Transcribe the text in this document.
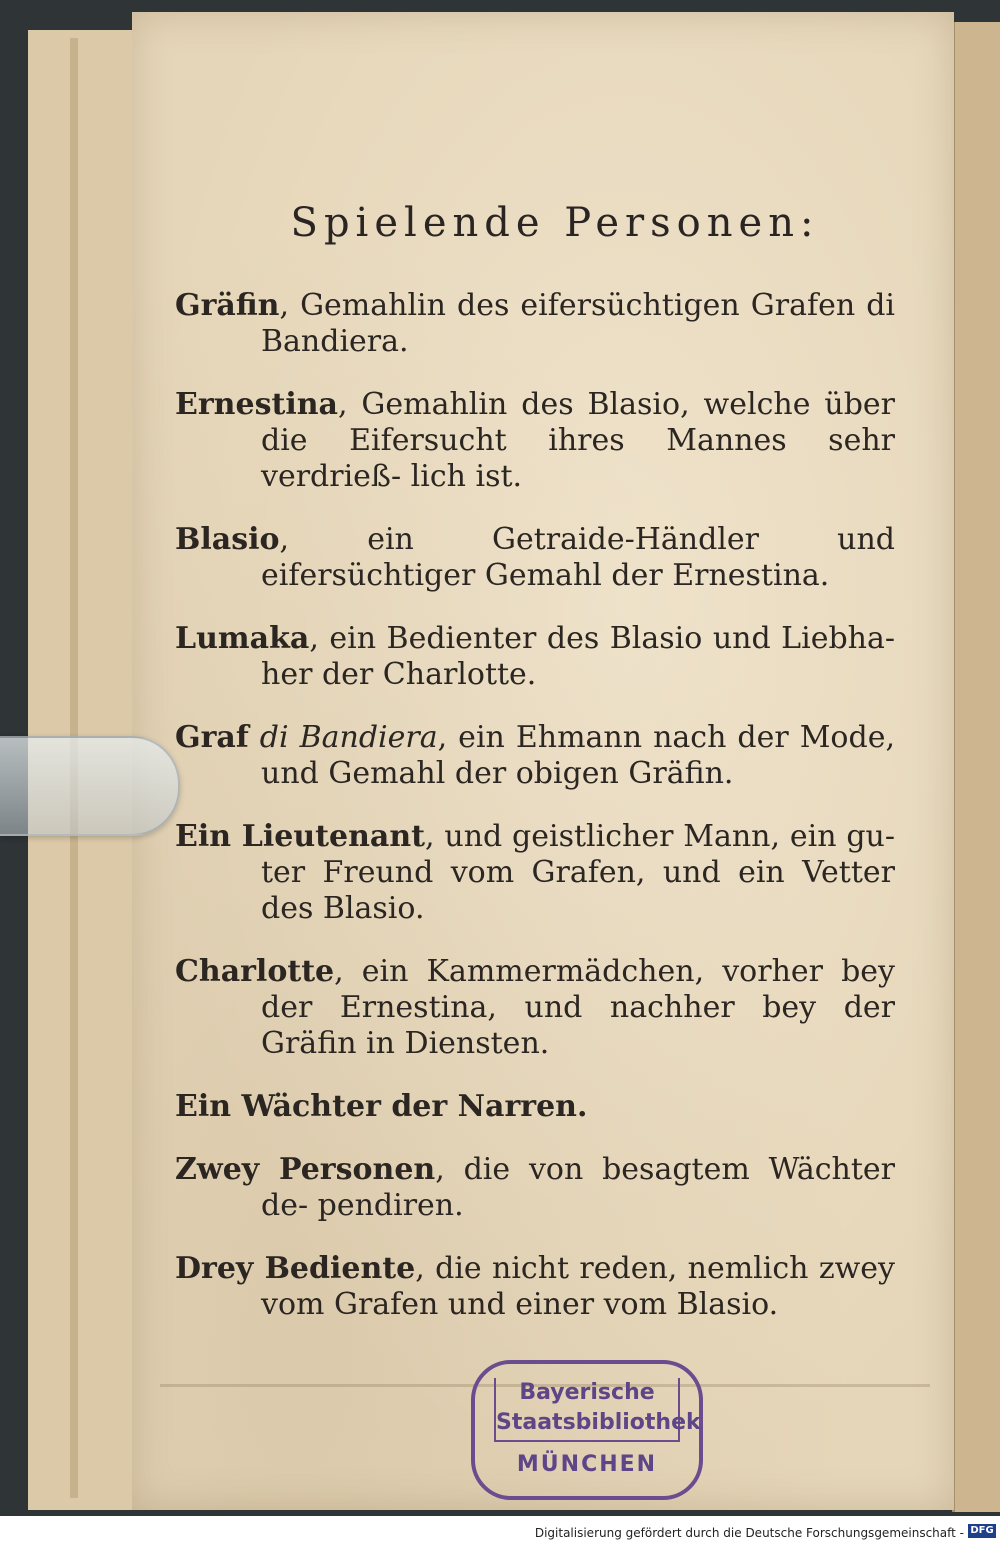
Spielende Personen:

Gräfin, Gemahlin des eifersüchtigen Grafen di Bandiera.

Ernestina, Gemahlin des Blasio, welche über die Eifersucht ihres Mannes sehr verdrieß- lich ist.

Blasio, ein Getraide-Händler und eifersüchtiger Gemahl der Ernestina.

Lumaka, ein Bedienter des Blasio und Liebha- her der Charlotte.

Graf di Bandiera, ein Ehmann nach der Mode, und Gemahl der obigen Gräfin.

Ein Lieutenant, und geistlicher Mann, ein gu- ter Freund vom Grafen, und ein Vetter des Blasio.

Charlotte, ein Kammermädchen, vorher bey der Ernestina, und nachher bey der Gräfin in Diensten.

Ein Wächter der Narren.

Zwey Personen, die von besagtem Wächter de- pendiren.

Drey Bediente, die nicht reden, nemlich zwey vom Grafen und einer vom Blasio.

Bayerische
Staatsbibliothek
MÜNCHEN
Digitalisierung gefördert durch die Deutsche Forschungsgemeinschaft - DFG
